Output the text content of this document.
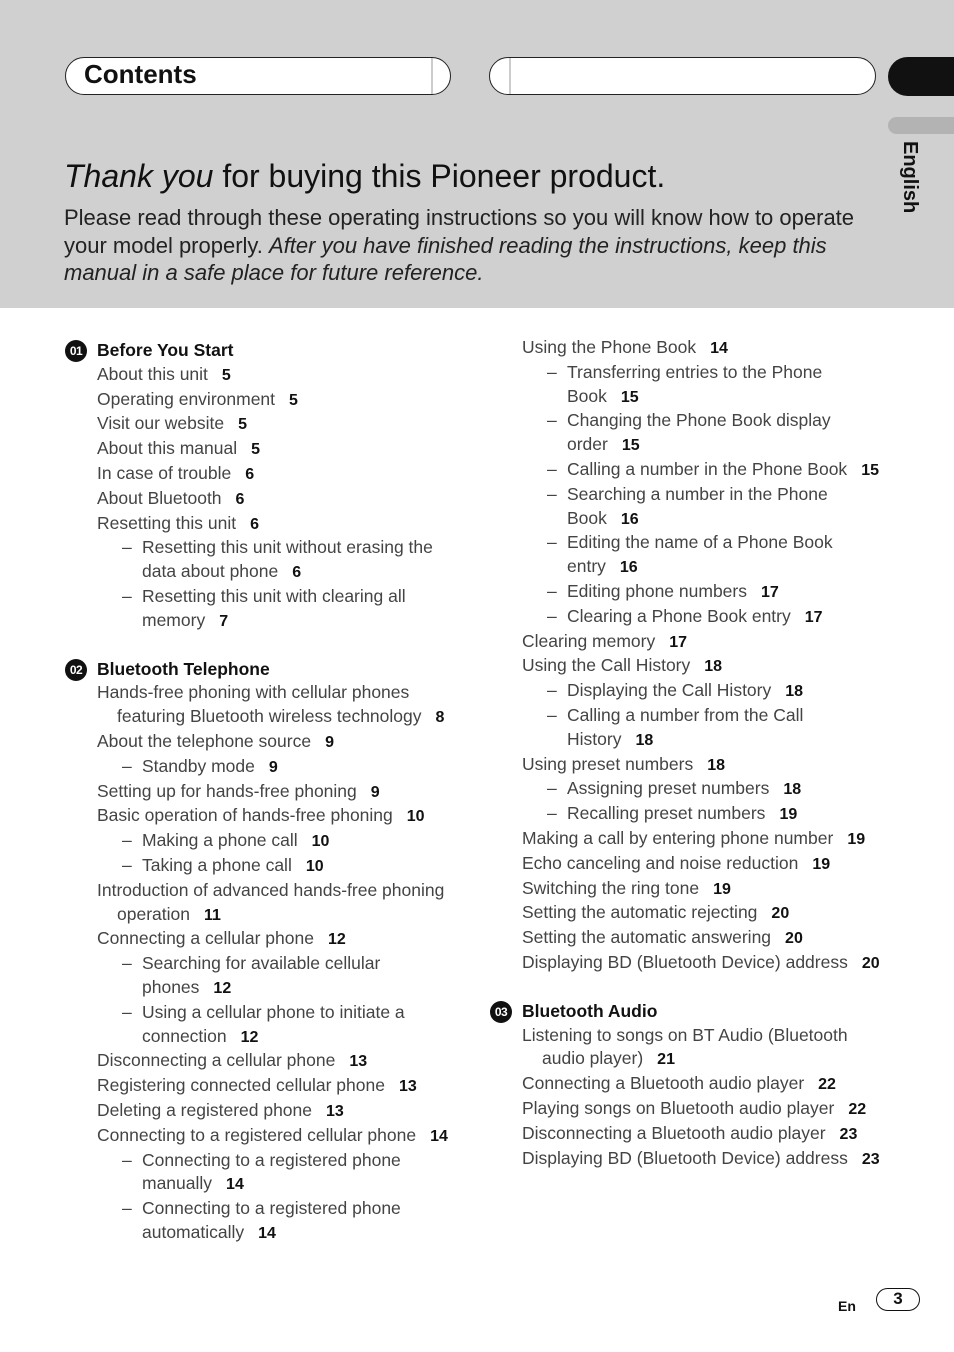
Contents
English
Thank you for buying this Pioneer product.
Please read through these operating instructions so you will know how to operate your model properly. After you have finished reading the instructions, keep this manual in a safe place for future reference.
01 Before You Start
About this unit 5
Operating environment 5
Visit our website 5
About this manual 5
In case of trouble 6
About Bluetooth 6
Resetting this unit 6
– Resetting this unit without erasing the data about phone 6
– Resetting this unit with clearing all memory 7
02 Bluetooth Telephone
Hands-free phoning with cellular phones featuring Bluetooth wireless technology 8
About the telephone source 9
– Standby mode 9
Setting up for hands-free phoning 9
Basic operation of hands-free phoning 10
– Making a phone call 10
– Taking a phone call 10
Introduction of advanced hands-free phoning operation 11
Connecting a cellular phone 12
– Searching for available cellular phones 12
– Using a cellular phone to initiate a connection 12
Disconnecting a cellular phone 13
Registering connected cellular phone 13
Deleting a registered phone 13
Connecting to a registered cellular phone 14
– Connecting to a registered phone manually 14
– Connecting to a registered phone automatically 14
Using the Phone Book 14
– Transferring entries to the Phone Book 15
– Changing the Phone Book display order 15
– Calling a number in the Phone Book 15
– Searching a number in the Phone Book 16
– Editing the name of a Phone Book entry 16
– Editing phone numbers 17
– Clearing a Phone Book entry 17
Clearing memory 17
Using the Call History 18
– Displaying the Call History 18
– Calling a number from the Call History 18
Using preset numbers 18
– Assigning preset numbers 18
– Recalling preset numbers 19
Making a call by entering phone number 19
Echo canceling and noise reduction 19
Switching the ring tone 19
Setting the automatic rejecting 20
Setting the automatic answering 20
Displaying BD (Bluetooth Device) address 20
03 Bluetooth Audio
Listening to songs on BT Audio (Bluetooth audio player) 21
Connecting a Bluetooth audio player 22
Playing songs on Bluetooth audio player 22
Disconnecting a Bluetooth audio player 23
Displaying BD (Bluetooth Device) address 23
En	3
